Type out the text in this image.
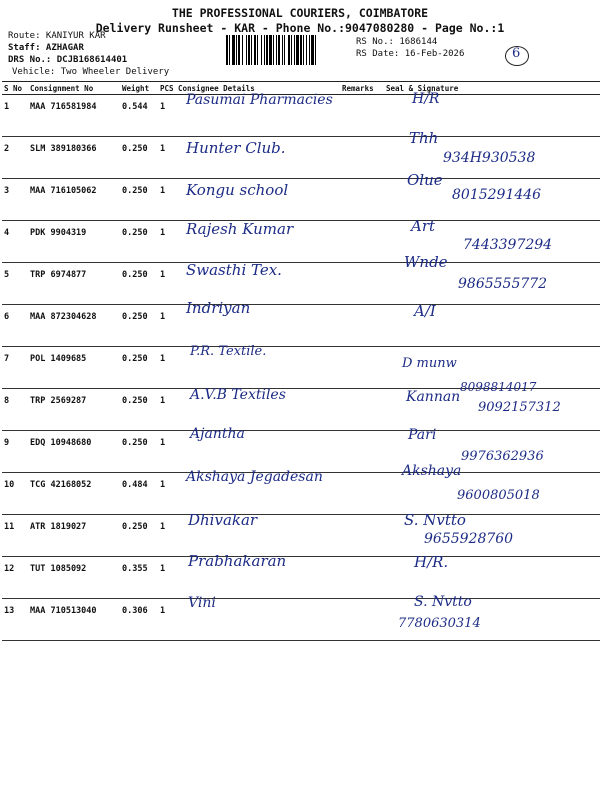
THE PROFESSIONAL COURIERS, COIMBATORE
Delivery Runsheet - KAR - Phone No.:9047080280 - Page No.:1
Route: KANIYUR KAR
Staff: AZHAGAR
DRS No.: DCJB168614401
Vehicle: Two Wheeler Delivery
RS No.: 1686144
RS Date: 16-Feb-2026	6
S No	Consignment No	Weight	PCS	Consignee Details	Remarks	Seal & Signature
1	MAA 716581984	0.544	1	Pasumai Pharmacies		H/R

2	SLM 389180366	0.250	1	Hunter Club.		Thh
934H930538

3	MAA 716105062	0.250	1	Kongu school		Olue
8015291446

4	PDK 9904319	0.250	1	Rajesh Kumar		Art
7443397294

5	TRP 6974877	0.250	1	Swasthi Tex.		Wnde
9865555772

6	MAA 872304628	0.250	1	Indriyan		A/I

7	POL 1409685	0.250	1	P.R. Textile.		D munw
8098814017

8	TRP 2569287	0.250	1	A.V.B Textiles		Kannan
9092157312

9	EDQ 10948680	0.250	1	Ajantha		Pari
9976362936

10	TCG 42168052	0.484	1	Akshaya Jegadesan		Akshaya
9600805018

11	ATR 1819027	0.250	1	Dhivakar		S. Nvtto
9655928760

12	TUT 1085092	0.355	1	Prabhakaran		H/R.

13	MAA 710513040	0.306	1	Vini		S. Nvtto
7780630314
